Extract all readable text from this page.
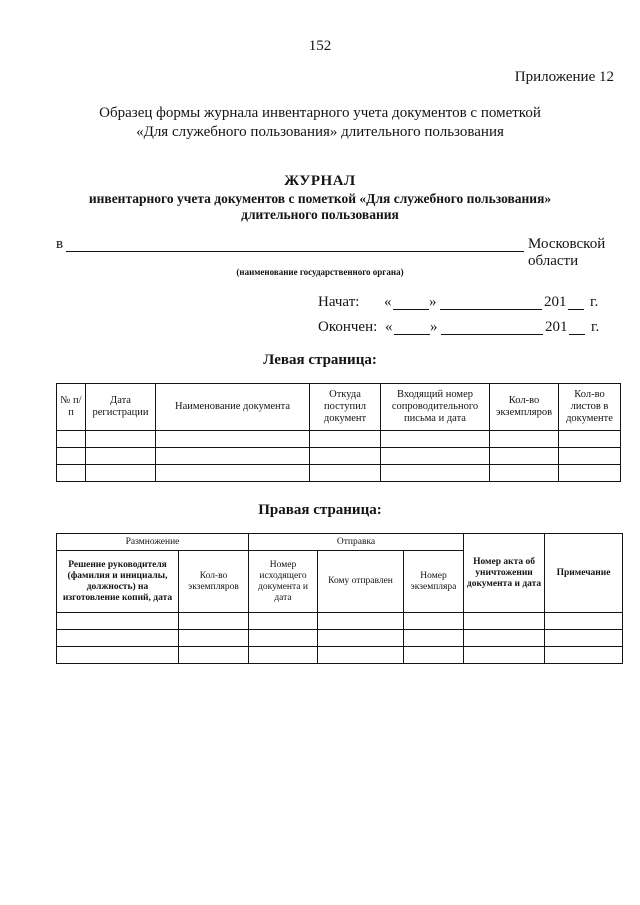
152
Приложение 12
Образец формы журнала инвентарного учета документов с пометкой
«Для служебного пользования» длительного пользования
ЖУРНАЛ
инвентарного учета документов с пометкой «Для служебного пользования»
длительного пользования
в	Московской области
(наименование государственного органа)
Начат: «	»	201 г.
Окончен: «	»	201 г.
Левая страница:
№ п/п	Дата регистрации	Наименование документа	Откуда поступил документ	Входящий номер сопроводительного письма и дата	Кол-во экземпляров	Кол-во листов в документе

Правая страница:
Размножение		Отправка			Номер акта об уничтожении документа и дата	Примечание
Решение руководителя (фамилия и инициалы, должность) на изготовление копий, дата	Кол-во экземпляров	Номер исходящего документа и дата	Кому отправлен	Номер экземпляра		
